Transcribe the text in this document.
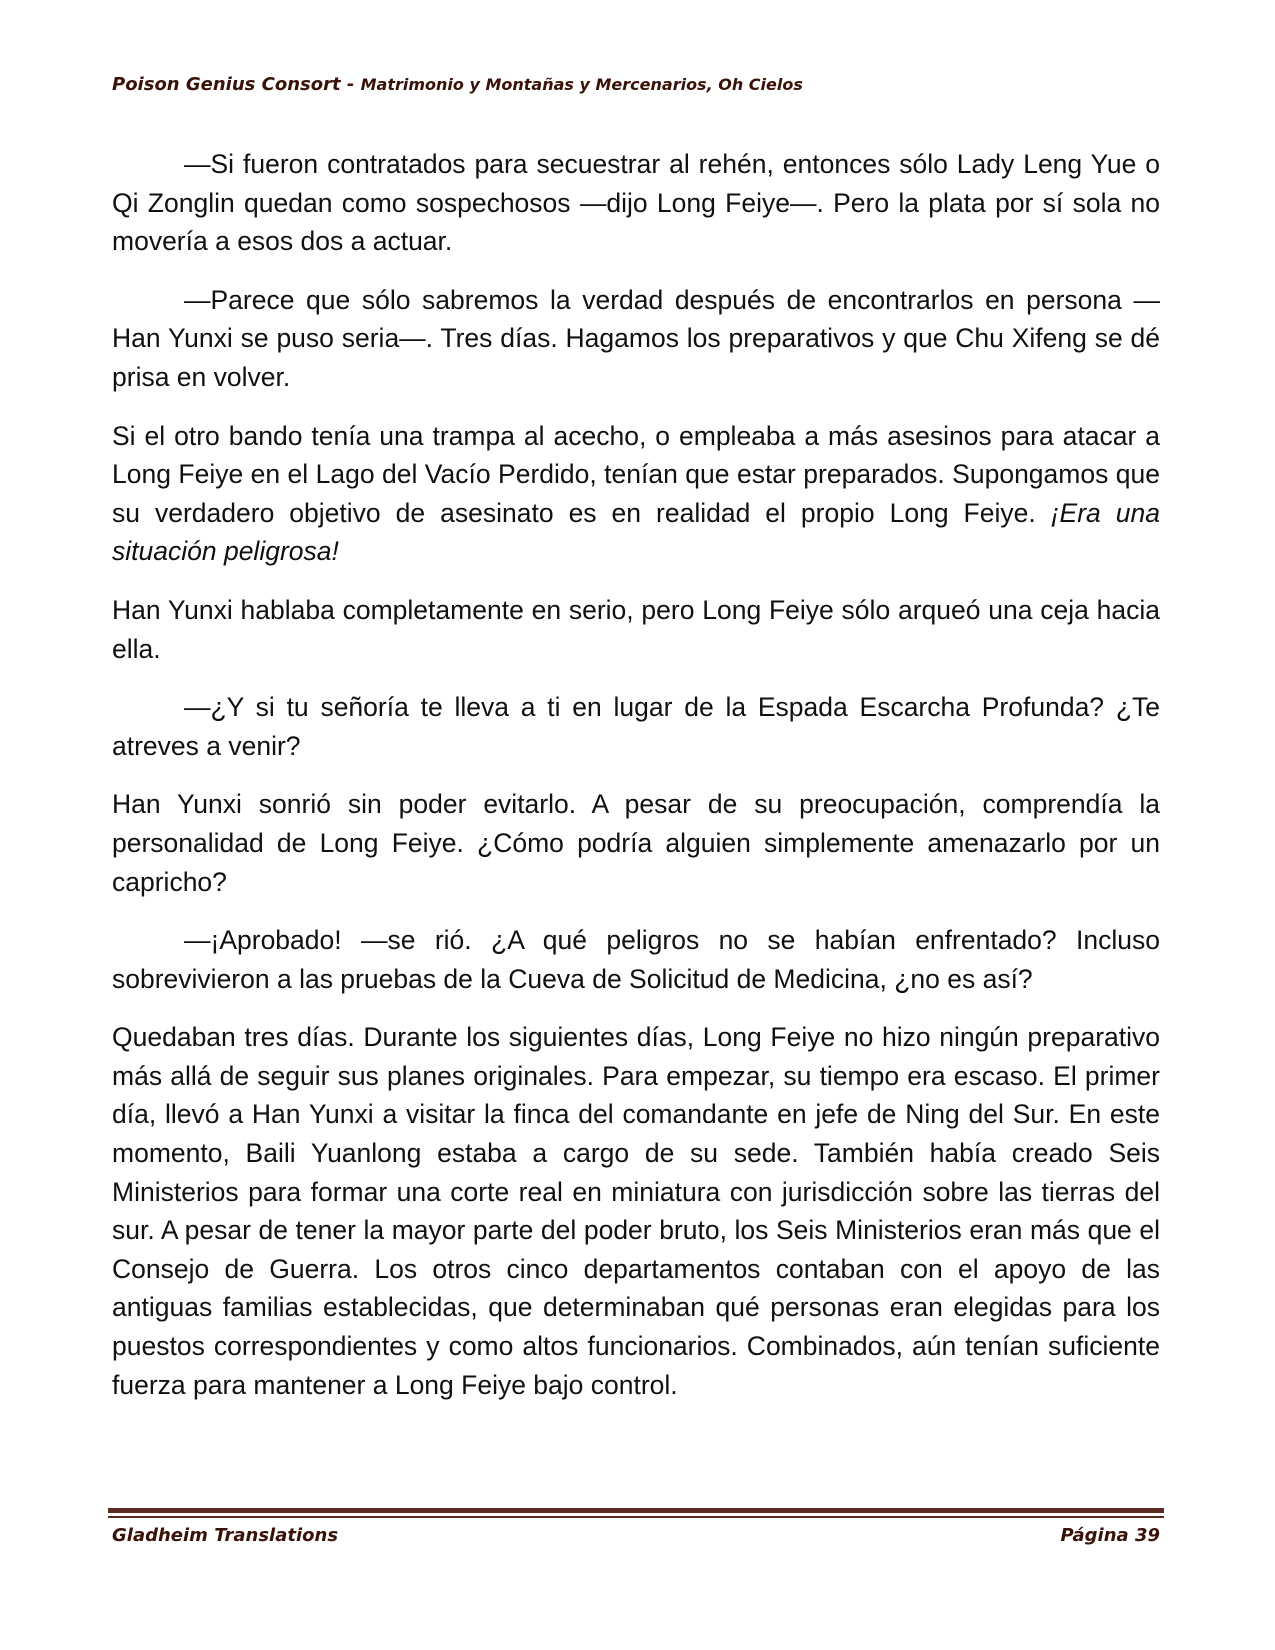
Poison Genius Consort - Matrimonio y Montañas y Mercenarios, Oh Cielos

—Si fueron contratados para secuestrar al rehén, entonces sólo Lady Leng Yue o Qi Zonglin quedan como sospechosos —dijo Long Feiye—. Pero la plata por sí sola no movería a esos dos a actuar.

—Parece que sólo sabremos la verdad después de encontrarlos en persona —Han Yunxi se puso seria—. Tres días. Hagamos los preparativos y que Chu Xifeng se dé prisa en volver.

Si el otro bando tenía una trampa al acecho, o empleaba a más asesinos para atacar a Long Feiye en el Lago del Vacío Perdido, tenían que estar preparados. Supongamos que su verdadero objetivo de asesinato es en realidad el propio Long Feiye. ¡Era una situación peligrosa!

Han Yunxi hablaba completamente en serio, pero Long Feiye sólo arqueó una ceja hacia ella.

—¿Y si tu señoría te lleva a ti en lugar de la Espada Escarcha Profunda? ¿Te atreves a venir?

Han Yunxi sonrió sin poder evitarlo. A pesar de su preocupación, comprendía la personalidad de Long Feiye. ¿Cómo podría alguien simplemente amenazarlo por un capricho?

—¡Aprobado! —se rió. ¿A qué peligros no se habían enfrentado? Incluso sobrevivieron a las pruebas de la Cueva de Solicitud de Medicina, ¿no es así?

Quedaban tres días. Durante los siguientes días, Long Feiye no hizo ningún preparativo más allá de seguir sus planes originales. Para empezar, su tiempo era escaso. El primer día, llevó a Han Yunxi a visitar la finca del comandante en jefe de Ning del Sur. En este momento, Baili Yuanlong estaba a cargo de su sede. También había creado Seis Ministerios para formar una corte real en miniatura con jurisdicción sobre las tierras del sur. A pesar de tener la mayor parte del poder bruto, los Seis Ministerios eran más que el Consejo de Guerra. Los otros cinco departamentos contaban con el apoyo de las antiguas familias establecidas, que determinaban qué personas eran elegidas para los puestos correspondientes y como altos funcionarios. Combinados, aún tenían suficiente fuerza para mantener a Long Feiye bajo control.

Gladheim Translations	Página 39
